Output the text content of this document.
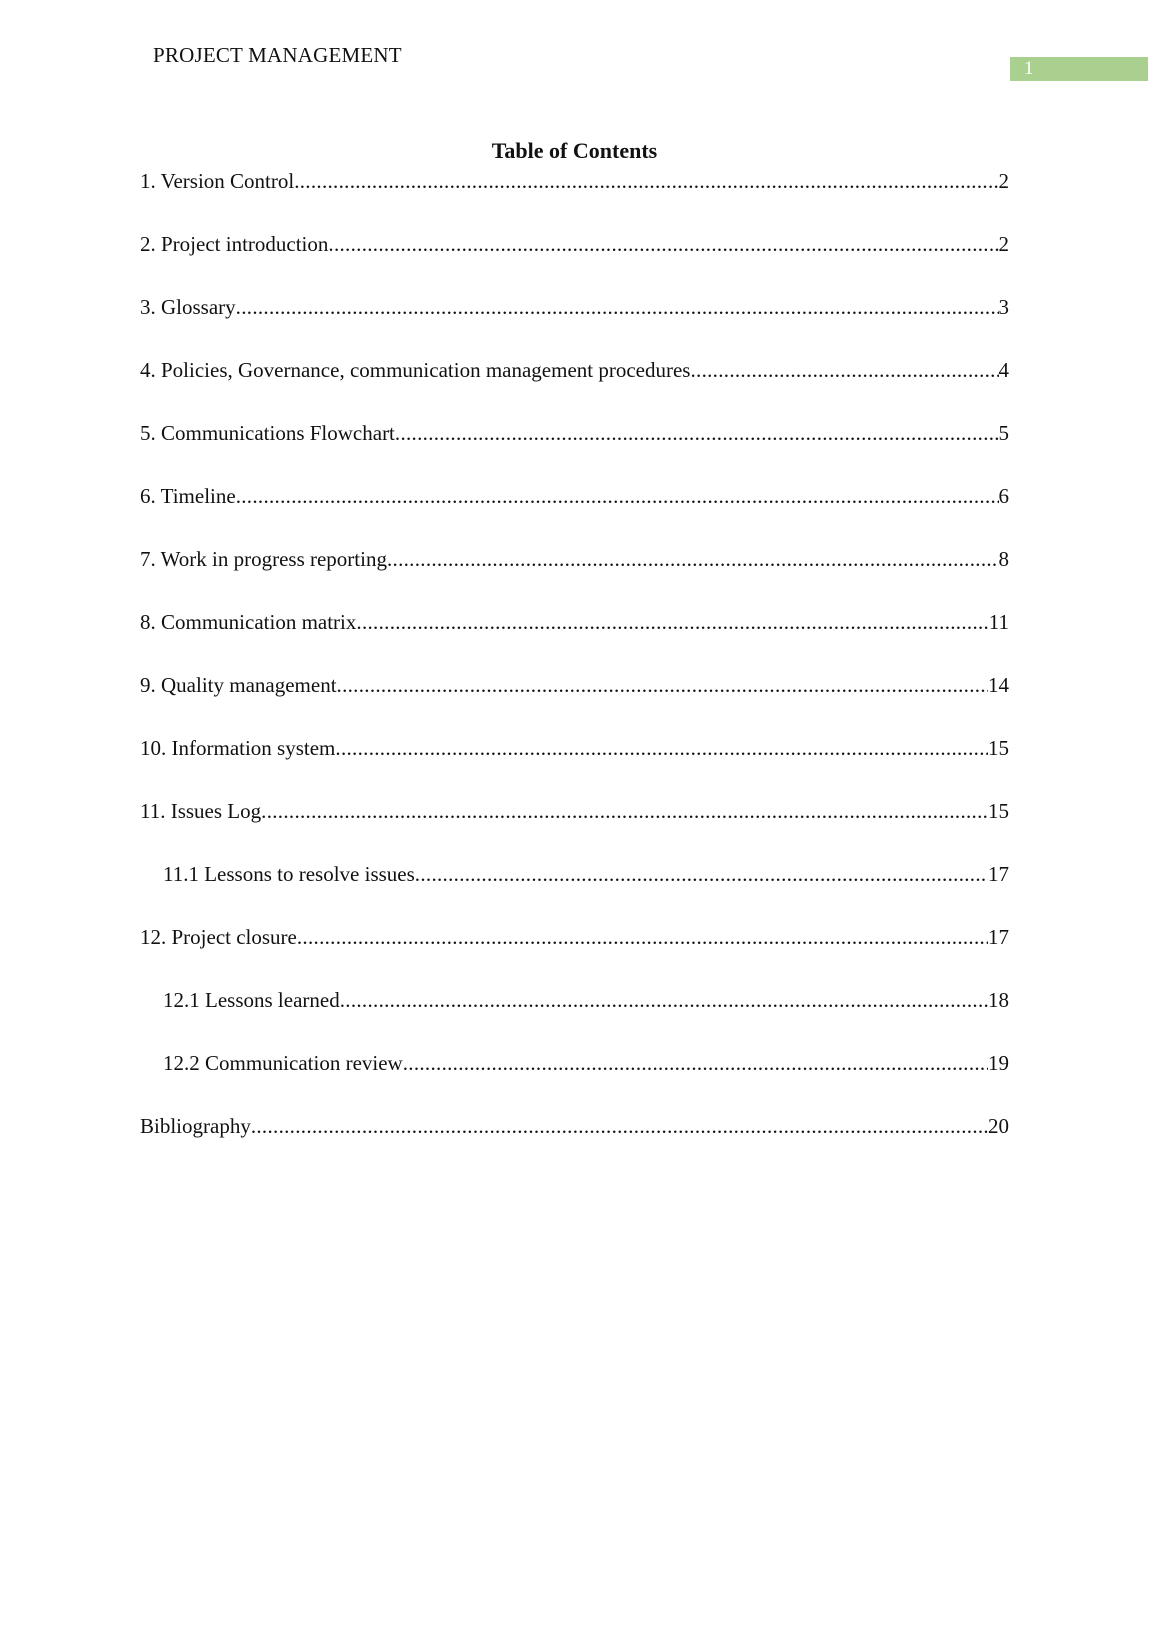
PROJECT MANAGEMENT
1
Table of Contents
1. Version Control .....	2
2. Project introduction .....	2
3. Glossary .....	3
4. Policies, Governance, communication management procedures .....	4
5. Communications Flowchart .....	5
6. Timeline .....	6
7. Work in progress reporting .....	8
8. Communication matrix .....	11
9. Quality management .....	14
10. Information system .....	15
11. Issues Log .....	15
11.1 Lessons to resolve issues .....	17
12. Project closure .....	17
12.1 Lessons learned .....	18
12.2 Communication review .....	19
Bibliography .....	20
